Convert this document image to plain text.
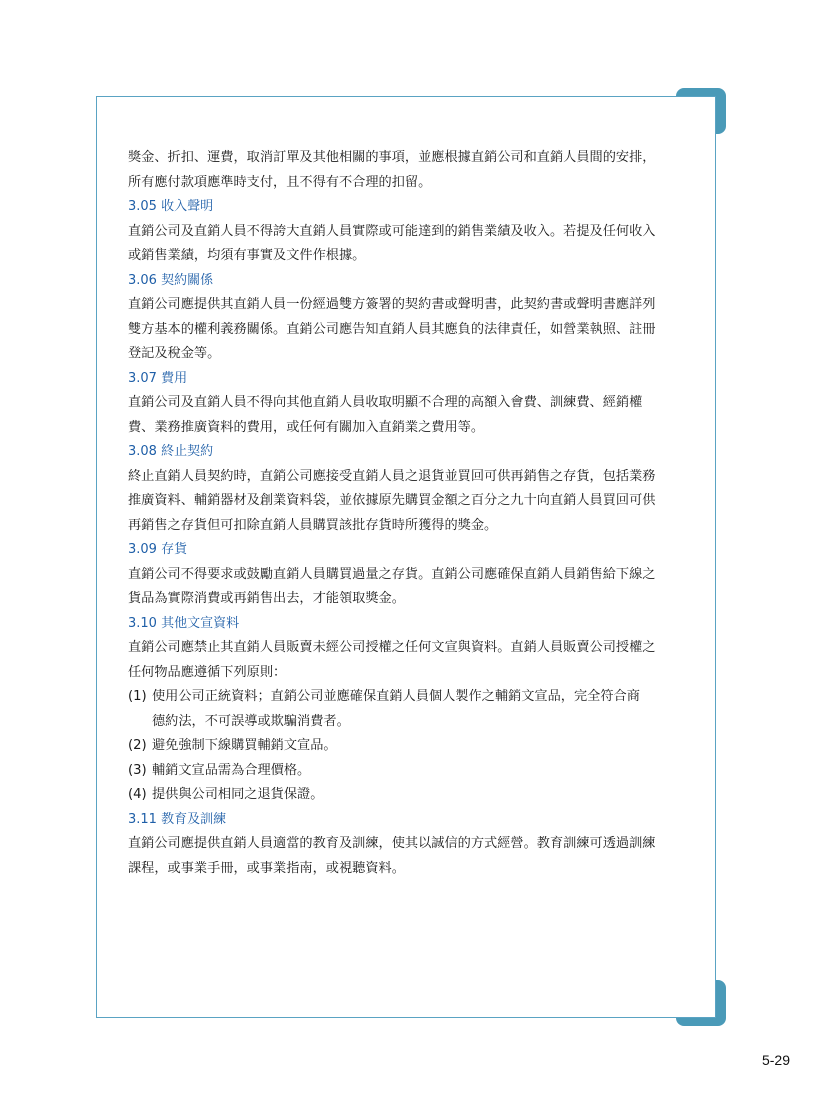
獎金、折扣、運費，取消訂單及其他相關的事項，並應根據直銷公司和直銷人員間的安排，

所有應付款項應準時支付，且不得有不合理的扣留。

3.05 收入聲明

直銷公司及直銷人員不得誇大直銷人員實際或可能達到的銷售業績及收入。若提及任何收入

或銷售業績，均須有事實及文件作根據。

3.06 契約關係

直銷公司應提供其直銷人員一份經過雙方簽署的契約書或聲明書，此契約書或聲明書應詳列

雙方基本的權利義務關係。直銷公司應告知直銷人員其應負的法律責任，如營業執照、註冊

登記及稅金等。

3.07 費用

直銷公司及直銷人員不得向其他直銷人員收取明顯不合理的高額入會費、訓練費、經銷權

費、業務推廣資料的費用，或任何有關加入直銷業之費用等。

3.08 終止契約

終止直銷人員契約時，直銷公司應接受直銷人員之退貨並買回可供再銷售之存貨，包括業務

推廣資料、輔銷器材及創業資料袋，並依據原先購買金額之百分之九十向直銷人員買回可供

再銷售之存貨但可扣除直銷人員購買該批存貨時所獲得的獎金。

3.09 存貨

直銷公司不得要求或鼓勵直銷人員購買過量之存貨。直銷公司應確保直銷人員銷售給下線之

貨品為實際消費或再銷售出去，才能領取獎金。

3.10 其他文宣資料

直銷公司應禁止其直銷人員販賣未經公司授權之任何文宣與資料。直銷人員販賣公司授權之

任何物品應遵循下列原則：

(1) 使用公司正統資料；直銷公司並應確保直銷人員個人製作之輔銷文宣品，完全符合商

德約法，不可誤導或欺騙消費者。

(2) 避免強制下線購買輔銷文宣品。

(3) 輔銷文宣品需為合理價格。

(4) 提供與公司相同之退貨保證。

3.11 教育及訓練

直銷公司應提供直銷人員適當的教育及訓練，使其以誠信的方式經營。教育訓練可透過訓練

課程，或事業手冊，或事業指南，或視聽資料。

5-29
